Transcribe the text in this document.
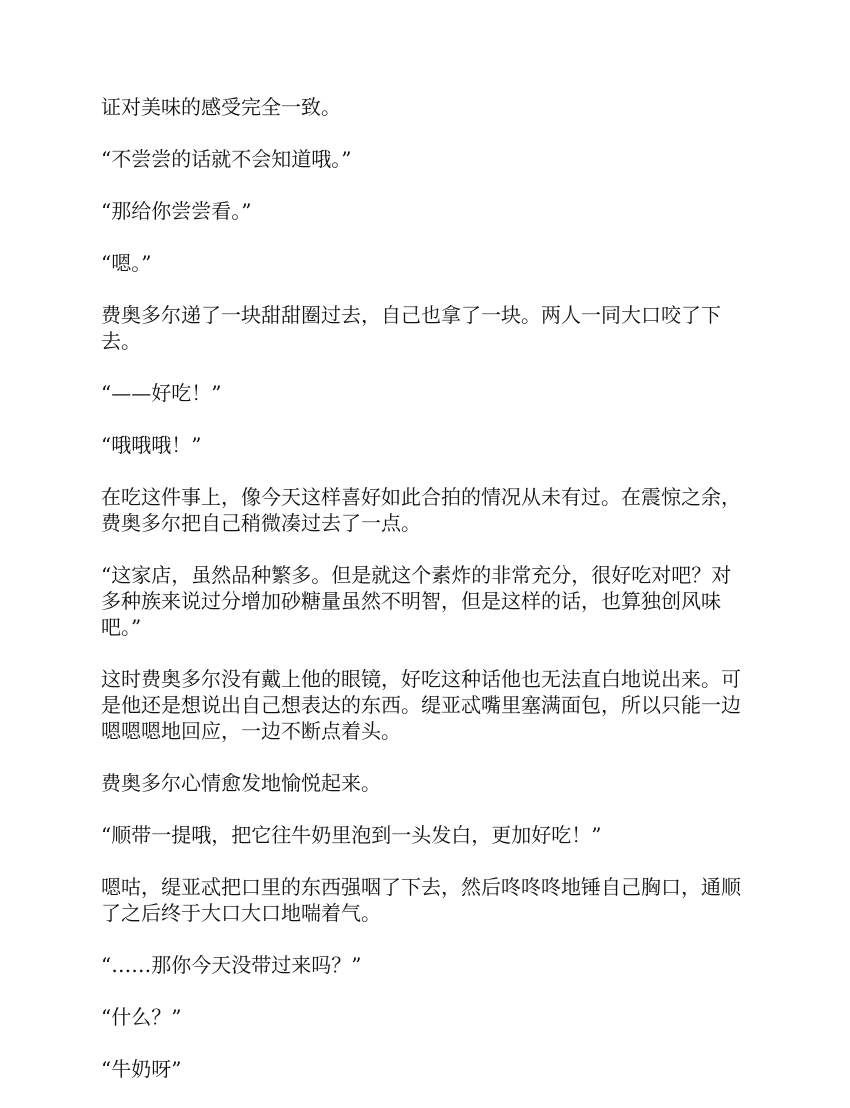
证对美味的感受完全一致。

“不尝尝的话就不会知道哦。”

“那给你尝尝看。”

“嗯。”

费奥多尔递了一块甜甜圈过去，自己也拿了一块。两人一同大口咬了下去。

“——好吃！”

“哦哦哦！”

在吃这件事上，像今天这样喜好如此合拍的情况从未有过。在震惊之余，费奥多尔把自己稍微凑过去了一点。

“这家店，虽然品种繁多。但是就这个素炸的非常充分，很好吃对吧？对多种族来说过分增加砂糖量虽然不明智，但是这样的话，也算独创风味吧。”

这时费奥多尔没有戴上他的眼镜，好吃这种话他也无法直白地说出来。可是他还是想说出自己想表达的东西。缇亚忒嘴里塞满面包，所以只能一边嗯嗯嗯地回应，一边不断点着头。

费奥多尔心情愈发地愉悦起来。

“顺带一提哦，把它往牛奶里泡到一头发白，更加好吃！”

嗯咕，缇亚忒把口里的东西强咽了下去，然后咚咚咚地锤自己胸口，通顺了之后终于大口大口地喘着气。

“……那你今天没带过来吗？”

“什么？”

“牛奶呀”
